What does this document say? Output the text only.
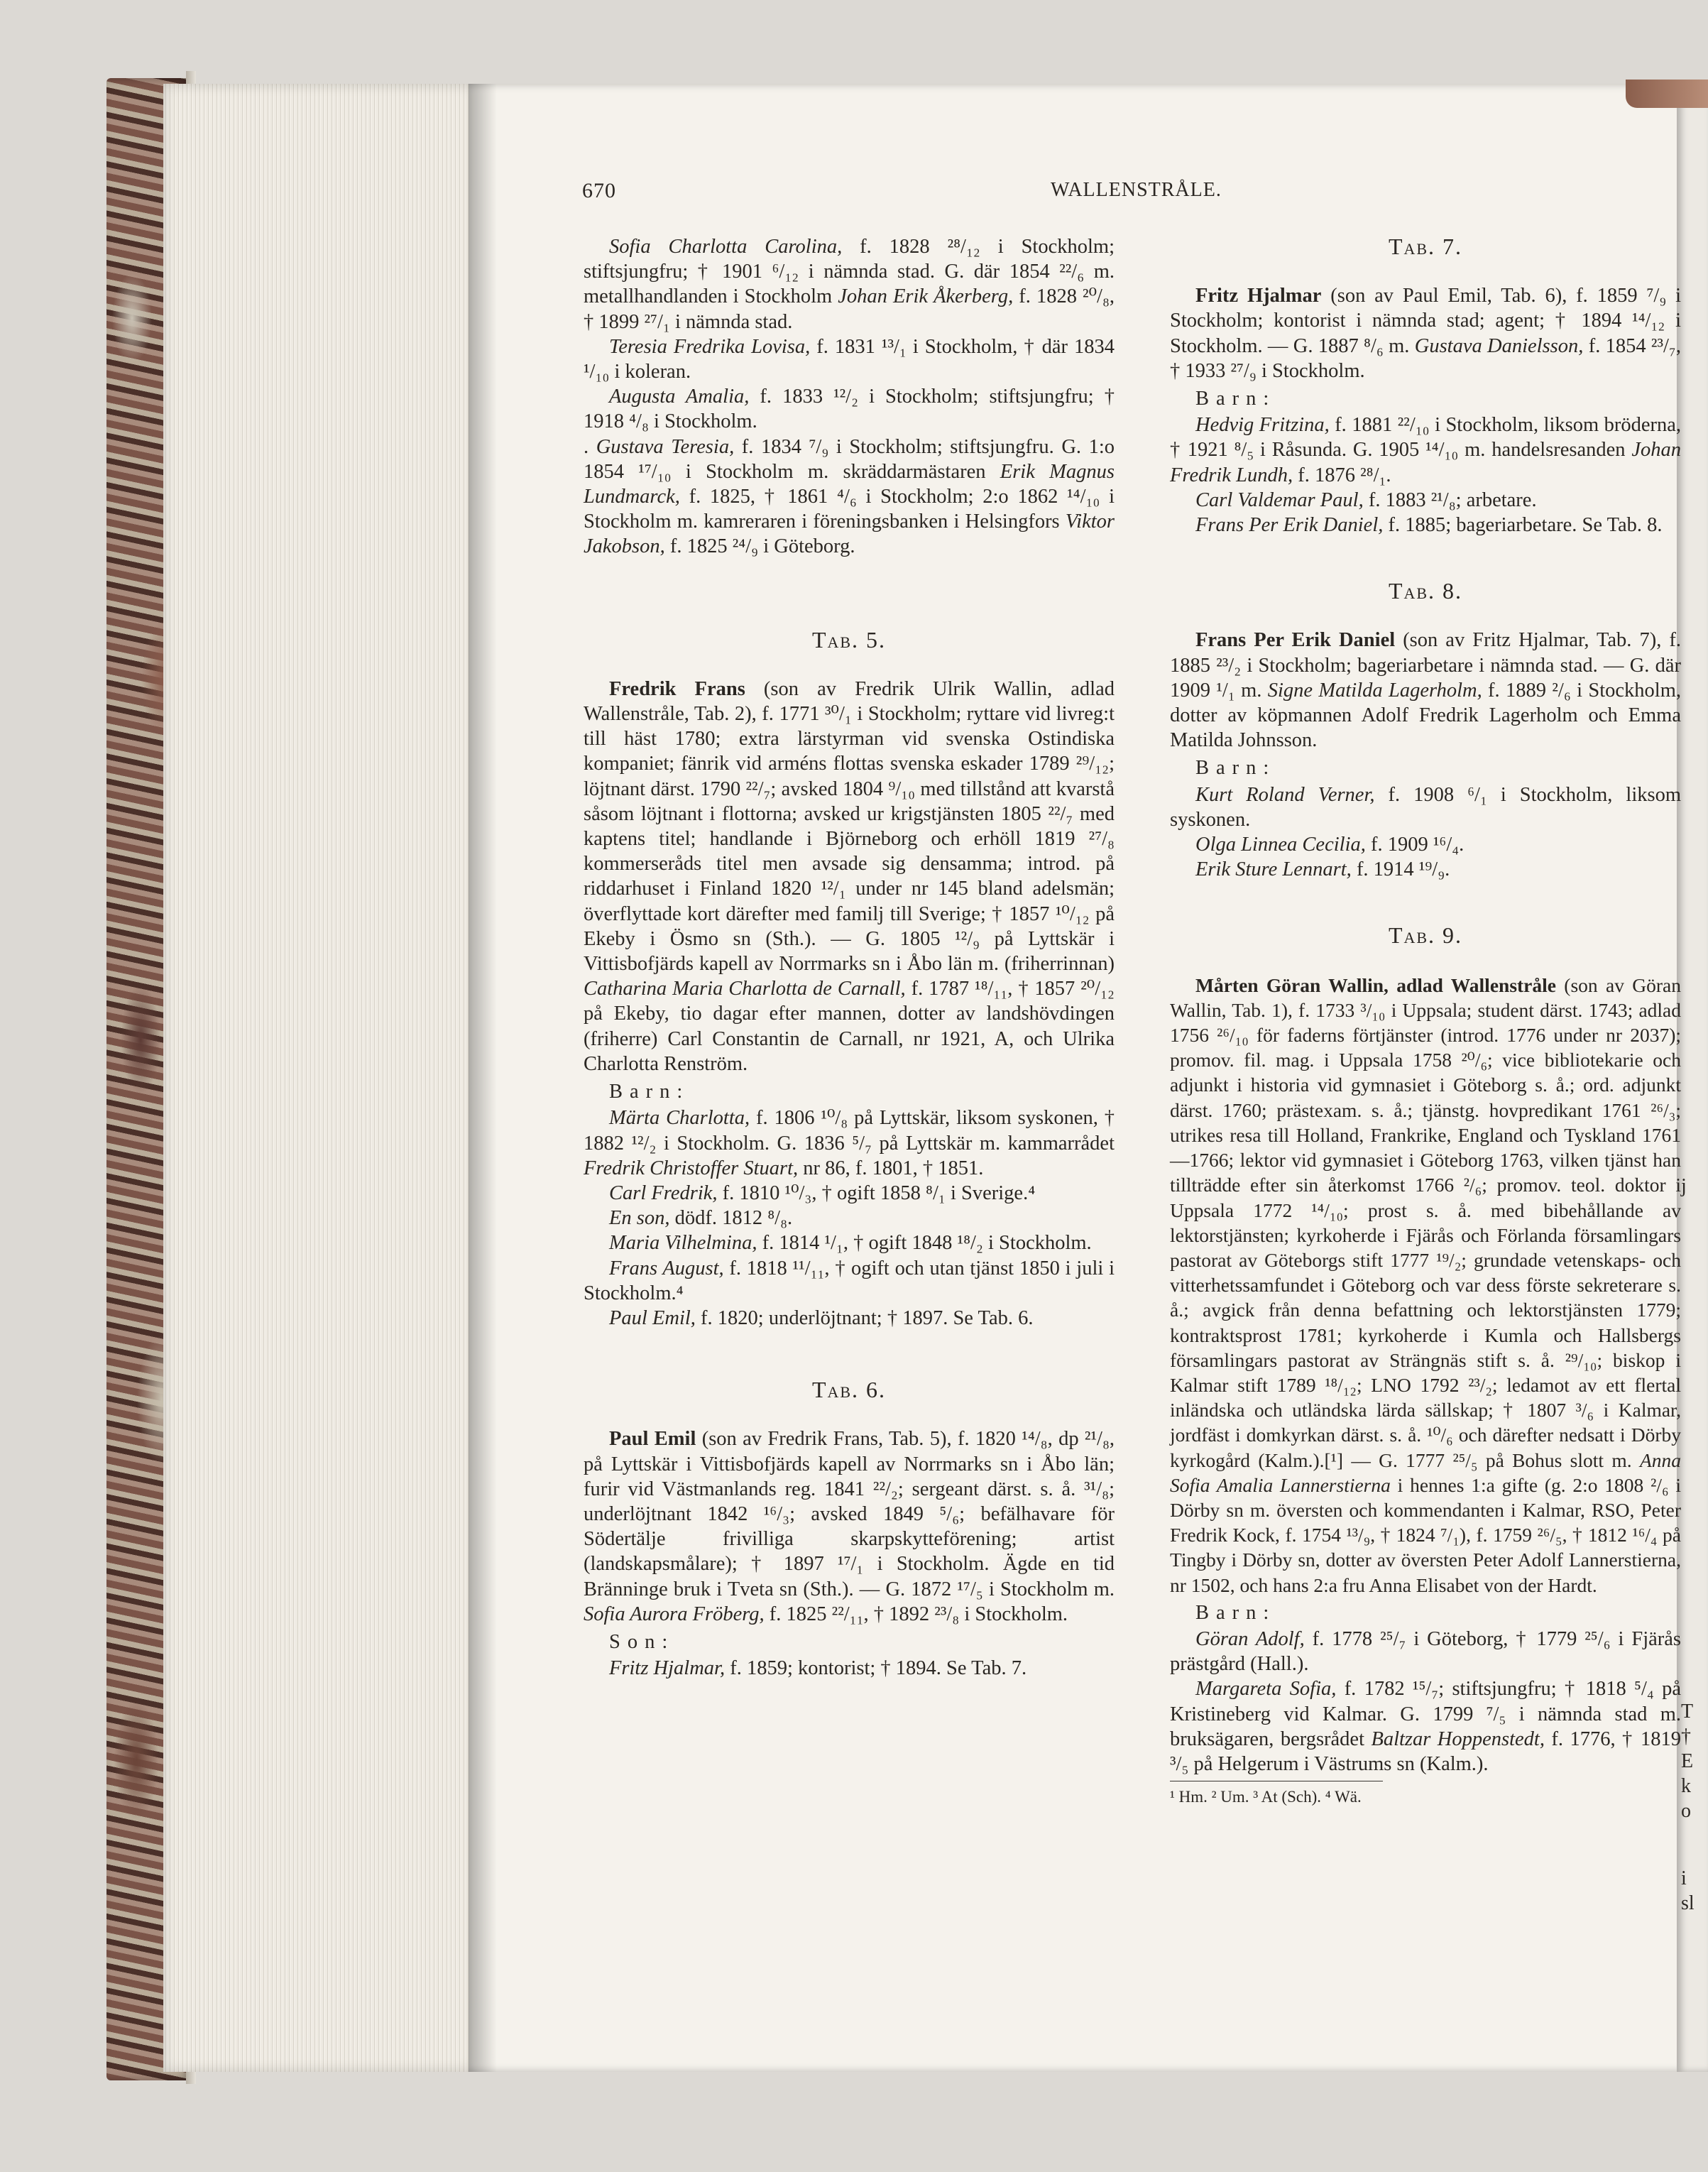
670	WALLENSTRÅLE.

Sofia Charlotta Carolina, f. 1828 ²⁸/₁₂ i Stockholm; stiftsjungfru; † 1901 ⁶/₁₂ i nämnda stad. G. där 1854 ²²/₆ m. metallhandlanden i Stockholm Johan Erik Åkerberg, f. 1828 ²⁰/₈, † 1899 ²⁷/₁ i nämnda stad.

Teresia Fredrika Lovisa, f. 1831 ¹³/₁ i Stockholm, † där 1834 ¹/₁₀ i koleran.

Augusta Amalia, f. 1833 ¹²/₂ i Stockholm; stiftsjungfru; † 1918 ⁴/₈ i Stockholm.

. Gustava Teresia, f. 1834 ⁷/₉ i Stockholm; stiftsjungfru. G. 1:o 1854 ¹⁷/₁₀ i Stockholm m. skräddarmästaren Erik Magnus Lundmarck, f. 1825, † 1861 ⁴/₆ i Stockholm; 2:o 1862 ¹⁴/₁₀ i Stockholm m. kamreraren i föreningsbanken i Helsingfors Viktor Jakobson, f. 1825 ²⁴/₉ i Göteborg.

Tab. 5.

Fredrik Frans (son av Fredrik Ulrik Wallin, adlad Wallenstråle, Tab. 2), f. 1771 ³⁰/₁ i Stockholm; ryttare vid livreg:t till häst 1780; extra lärstyrman vid svenska Ostindiska kompaniet; fänrik vid arméns flottas svenska eskader 1789 ²⁹/₁₂; löjtnant därst. 1790 ²²/₇; avsked 1804 ⁹/₁₀ med tillstånd att kvarstå såsom löjtnant i flottorna; avsked ur krigstjänsten 1805 ²²/₇ med kaptens titel; handlande i Björneborg och erhöll 1819 ²⁷/₈ kommerseråds titel men avsade sig densamma; introd. på riddarhuset i Finland 1820 ¹²/₁ under nr 145 bland adelsmän; överflyttade kort därefter med familj till Sverige; † 1857 ¹⁰/₁₂ på Ekeby i Ösmo sn (Sth.). — G. 1805 ¹²/₉ på Lyttskär i Vittisbofjärds kapell av Norrmarks sn i Åbo län m. (friherrinnan) Catharina Maria Charlotta de Carnall, f. 1787 ¹⁸/₁₁, † 1857 ²⁰/₁₂ på Ekeby, tio dagar efter mannen, dotter av landshövdingen (friherre) Carl Constantin de Carnall, nr 1921, A, och Ulrika Charlotta Renström.

Barn:

Märta Charlotta, f. 1806 ¹⁰/₈ på Lyttskär, liksom syskonen, † 1882 ¹²/₂ i Stockholm. G. 1836 ⁵/₇ på Lyttskär m. kammarrådet Fredrik Christoffer Stuart, nr 86, f. 1801, † 1851.

Carl Fredrik, f. 1810 ¹⁰/₃, † ogift 1858 ⁸/₁ i Sverige.⁴

En son, dödf. 1812 ⁸/₈.

Maria Vilhelmina, f. 1814 ¹/₁, † ogift 1848 ¹⁸/₂ i Stockholm.

Frans August, f. 1818 ¹¹/₁₁, † ogift och utan tjänst 1850 i juli i Stockholm.⁴

Paul Emil, f. 1820; underlöjtnant; † 1897. Se Tab. 6.

Tab. 6.

Paul Emil (son av Fredrik Frans, Tab. 5), f. 1820 ¹⁴/₈, dp ²¹/₈, på Lyttskär i Vittisbofjärds kapell av Norrmarks sn i Åbo län; furir vid Västmanlands reg. 1841 ²²/₂; sergeant därst. s. å. ³¹/₈; underlöjtnant 1842 ¹⁶/₃; avsked 1849 ⁵/₆; befälhavare för Södertälje frivilliga skarpskytteförening; artist (landskapsmålare); † 1897 ¹⁷/₁ i Stockholm. Ägde en tid Bränninge bruk i Tveta sn (Sth.). — G. 1872 ¹⁷/₅ i Stockholm m. Sofia Aurora Fröberg, f. 1825 ²²/₁₁, † 1892 ²³/₈ i Stockholm.

Son:

Fritz Hjalmar, f. 1859; kontorist; † 1894. Se Tab. 7.

Tab. 7.

Fritz Hjalmar (son av Paul Emil, Tab. 6), f. 1859 ⁷/₉ i Stockholm; kontorist i nämnda stad; agent; † 1894 ¹⁴/₁₂ i Stockholm. — G. 1887 ⁸/₆ m. Gustava Danielsson, f. 1854 ²³/₇, † 1933 ²⁷/₉ i Stockholm.

Barn:

Hedvig Fritzina, f. 1881 ²²/₁₀ i Stockholm, liksom bröderna, † 1921 ⁸/₅ i Råsunda. G. 1905 ¹⁴/₁₀ m. handelsresanden Johan Fredrik Lundh, f. 1876 ²⁸/₁.

Carl Valdemar Paul, f. 1883 ²¹/₈; arbetare.

Frans Per Erik Daniel, f. 1885; bageriarbetare. Se Tab. 8.

Tab. 8.

Frans Per Erik Daniel (son av Fritz Hjalmar, Tab. 7), f. 1885 ²³/₂ i Stockholm; bageriarbetare i nämnda stad. — G. där 1909 ¹/₁ m. Signe Matilda Lagerholm, f. 1889 ²/₆ i Stockholm, dotter av köpmannen Adolf Fredrik Lagerholm och Emma Matilda Johnsson.

Barn:

Kurt Roland Verner, f. 1908 ⁶/₁ i Stockholm, liksom syskonen.

Olga Linnea Cecilia, f. 1909 ¹⁶/₄.

Erik Sture Lennart, f. 1914 ¹⁹/₉.

Tab. 9.

Mårten Göran Wallin, adlad Wallenstråle (son av Göran Wallin, Tab. 1), f. 1733 ³/₁₀ i Uppsala; student därst. 1743; adlad 1756 ²⁶/₁₀ för faderns förtjänster (introd. 1776 under nr 2037); promov. fil. mag. i Uppsala 1758 ²⁰/₆; vice bibliotekarie och adjunkt i historia vid gymnasiet i Göteborg s. å.; ord. adjunkt därst. 1760; prästexam. s. å.; tjänstg. hovpredikant 1761 ²⁶/₃; utrikes resa till Holland, Frankrike, England och Tyskland 1761—1766; lektor vid gymnasiet i Göteborg 1763, vilken tjänst han tillträdde efter sin återkomst 1766 ²/₆; promov. teol. doktor i Uppsala 1772 ¹⁴/₁₀; prost s. å. med bibehållande av lektorstjänsten; kyrkoherde i Fjärås och Förlanda församlingars pastorat av Göteborgs stift 1777 ¹⁹/₂; grundade vetenskaps- och vitterhetssamfundet i Göteborg och var dess förste sekreterare s. å.; avgick från denna befattning och lektorstjänsten 1779; kontraktsprost 1781; kyrkoherde i Kumla och Hallsbergs församlingars pastorat av Strängnäs stift s. å. ²⁹/₁₀; biskop i Kalmar stift 1789 ¹⁸/₁₂; LNO 1792 ²³/₂; ledamot av ett flertal inländska och utländska lärda sällskap; † 1807 ³/₆ i Kalmar, jordfäst i domkyrkan därst. s. å. ¹⁰/₆ och därefter nedsatt i Dörby kyrkogård (Kalm.).[¹] — G. 1777 ²⁵/₅ på Bohus slott m. Anna Sofia Amalia Lannerstierna i hennes 1:a gifte (g. 2:o 1808 ²/₆ i Dörby sn m. översten och kommendanten i Kalmar, RSO, Peter Fredrik Kock, f. 1754 ¹³/₉, † 1824 ⁷/₁), f. 1759 ²⁶/₅, † 1812 ¹⁶/₄ på Tingby i Dörby sn, dotter av översten Peter Adolf Lannerstierna, nr 1502, och hans 2:a fru Anna Elisabet von der Hardt.

Barn:

Göran Adolf, f. 1778 ²⁵/₇ i Göteborg, † 1779 ²⁵/₆ i Fjärås prästgård (Hall.).

Margareta Sofia, f. 1782 ¹⁵/₇; stiftsjungfru; † 1818 ⁵/₄ på Kristineberg vid Kalmar. G. 1799 ⁷/₅ i nämnda stad m. bruksägaren, bergsrådet Baltzar Hoppenstedt, f. 1776, † 1819 ³/₅ på Helgerum i Västrums sn (Kalm.).

¹ Hm. ² Um. ³ At (Sch). ⁴ Wä.
j
T
†
E
k
o
i
sl
